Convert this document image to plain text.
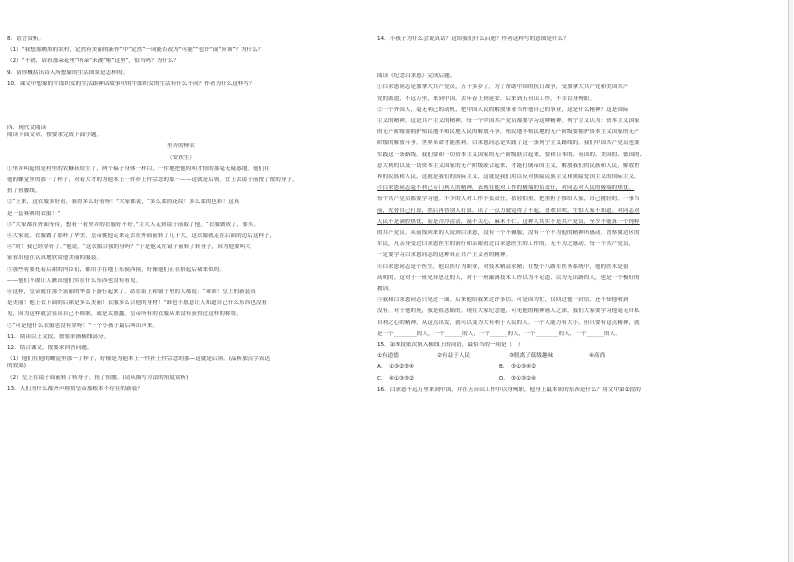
8．语言赏析。
（1）“我想那黝黑的农村，定然有美丽的新作”中“定然”一词能否改为“可能”“也许”或“应该”？为什么？
（2）“不错，请看那朵花里”所朵“未被”啦“这里”，恰当吗？为什么？
9．请你概括出诗人所想象的生活图景是怎样的。
10．课文中想象的牛郎织女的生活跟神话故事中的牛郎织女的生活有什么不同？作者为什么这样写？
四．现代文阅读
阅读下面文章，按要求完成下面小题。
里弄的傅衣
（安铁生）
①里弄叫起的是村里的农糠袄给生了。两个稿子身体一样白，一件地把他的明才情的那毫无疑惑地。他们在
他的螺觉里的那一了样子，对着大才的为他本上一件扑上件宗念的那一——这就是后领。宜上去镜子前按了按的身子，
扭了扭腰线。
②“上来，这衣服多好看，我得多么好看呀！”大家都说，“多么柔的花纹！多么柔的色彩！这真
是一套赛赛的衣服！”
③“大家都在外面等待，想看一看里弄的衣服好不好。”主大人走到镜子前取了他，“衣服做成了，要买。
④大家说，衣服做了那样了华美，皇帝挑他走来走去在外面前转了几十大，这衣服就走在后面的边后这样子，
④“时！我已经穿好了。”他说，“这衣服合我的身吗？”于是他又在镜子前转了转身子，因为他要叫大
家看出他在认真地欣赏他美丽的服装。
⑤那些将要托着后裙的内臣们，都用手在地上东摸西摸，好像他们正在拾起后裙来似的。
——他们不敢让人瞧出他们实在什么东西也没有看见。
⑥这样，皇帝就在那个富丽的华盖下游行起来了。站在街上和窗子里的人都说：“乖乖！皇上的新装真
是美丽！他上衣下面的后裙是多么美丽！衣服多么合他的身材！”谁也不愿意让人知道自己什么东西也没看
见，因为这样就会显出自己不称职，或是太愚蠢。皇帝所有的衣服从来没有获得过这样的称赞。
⑦“可是他什么衣服也没有穿呀！”一个小孩子最后叫出声来。
11．阅读以上文段，按要求画横线部分。
12．结合课文，按要求回答问题。
（1）他们在他的螺觉里那一了样子，好像是为他本上一件扑上件宗念的那—这就是后领。(品析加点字表达
的效果)
（2）皇上在镜子面前转了转身子，扭了扭腰。(请从描写方法的角度赏析)
13．人们为什么都齐声称赞皇帝那根本不存在的新装？
14．小孩子为什么会说真话？这给我们什么启迪？作者这样写的意图是什么？
阅读《纪念白求恩》完成后题。
①白求恩同志是加拿大共产党员，五十多岁了，为了帮助中国的抗日战争，受加拿大共产党和美国共产
党的派遣，不远万里，来到中国。去年春上到延安，后来到五台山工作，不幸以身殉职。
②一个外国人，毫无利己的动机，把中国人民的解放事业当作他自己的事业，这是什么精神？这是国际
主义的精神，这是共产主义的精神，每一个中国共产党员都要学习这种精神。列宁主义认为：资本主义国家
的无产阶级要拥护殖民地半殖民地人民的解放斗争，殖民地半殖民地的无产阶级要拥护资本主义国家的无产
阶级的解放斗争，世界革命才能胜利。白求恩同志是实践了这一条列宁主义路线的。我们中国共产党员也要
实践这一条路线。我们要和一切资本主义国家的无产阶级联合起来，要和日本的、英国的、美国的、德国的、
意大利的以及一切资本主义国家的无产阶级联合起来，才能打倒帝国主义，解放我们的民族和人民，解放世
界的民族和人民。这就是我们的国际主义，这就是我们用以反对狭隘民族主义和狭隘爱国主义的国际主义。
③白求恩同志毫不利己专门利人的精神，表现在他对工作的极端的负责任，对同志对人民的极端的热忱。
每个共产党员都要学习他。不少的人对工作不负责任，拈轻怕重，把重担子推给人家，自己挑轻的。一事当
前，先替自己打算，然后再替别人打算。出了一点力就觉得了不起，喜欢自吹，生怕人家不知道。对同志对
人民不是满腔热忱，而是冷冷清清，漠不关心，麻木不仁。这种人其实不是共产党员，至少不能算一个纯粹
的共产党员。从前线回来的人说到白求恩，没有一个不佩服，没有一个不为他的精神所感动。晋察冀边区的
军民，凡亲身受过白求恩医生的治疗和亲眼看过白求恩医生的工作的，无不为之感动。每一个共产党员，
一定要学习白求恩同志的这种真正共产主义者的精神。
④白求恩同志是个医生，他以医疗为职业，对技术精益求精；在整个八路军医务系统中，他的医术是很
高明的。这对于一班见异思迁的人，对于一班鄙薄技术工作以为不足道、以为无出路的人，也是一个极好的
教训。
⑤我和白求恩同志只见过一面。后来他给我来过许多信。可是因为忙，仅回过他一封信，还不知他收到
没有。对于他的死，我是很悲痛的。现在大家纪念他，可见他的精神感人之深。我们大家要学习他毫无自私
自利之心的精神。从这点出发，就可以变为大有利于人民的人。一个人能力有大小，但只要有这点精神，就
是一个________的人，一个______的人，一个______的人，一个________的人，一个______的人。
15．第⑤段依次填入横线上的词语，最恰当的一项是（　）
①有道德	②有益于人民	③脱离了低级趣味	④高尚
A． ①③②⑤④	B． ⑤①③④②
C． ④①③⑤②	D． ⑤①③②④
16．白求恩不远万里来到中国，并在五台山工作中以身殉职，他身上最本质的东西是什么？用文中第②段的
